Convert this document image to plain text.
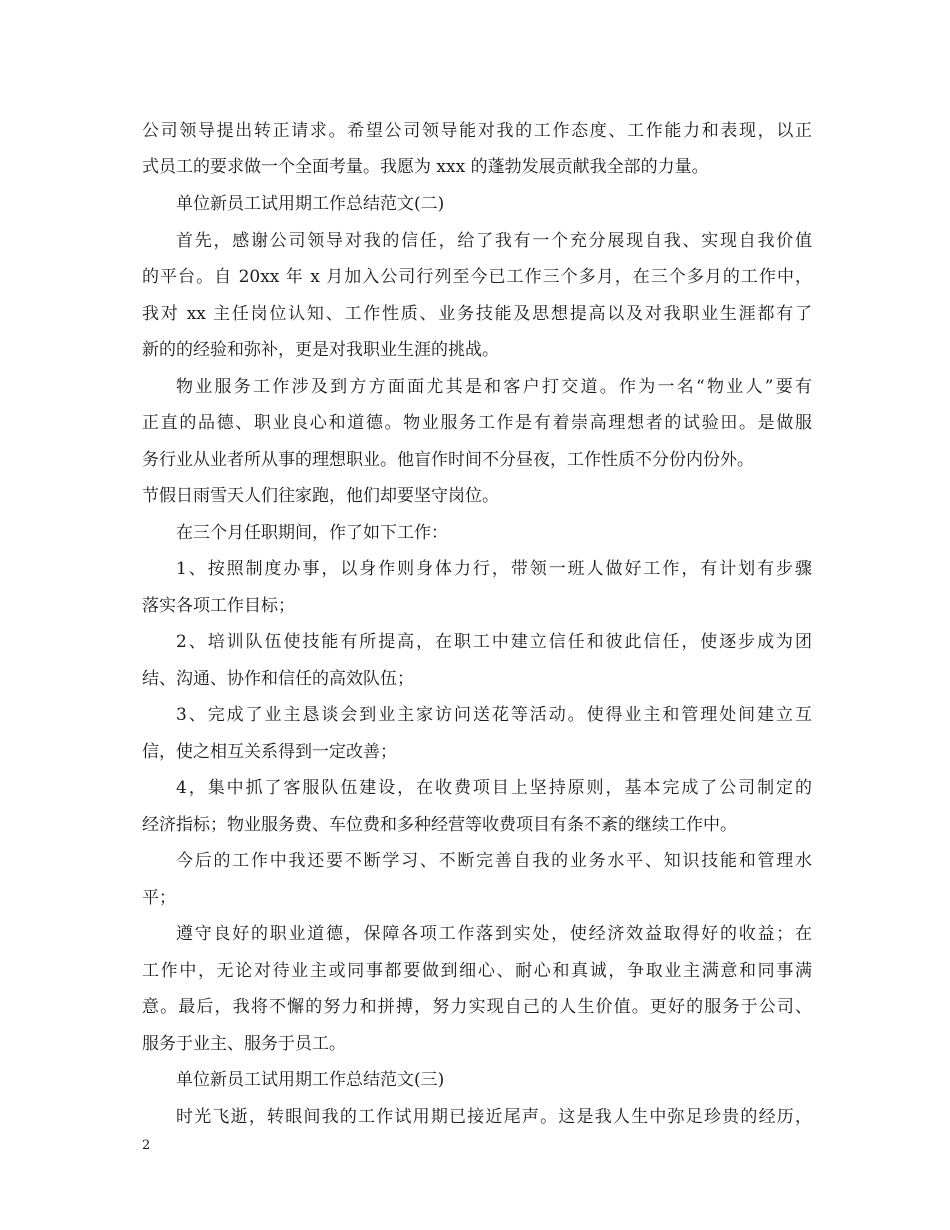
公司领导提出转正请求。希望公司领导能对我的工作态度、工作能力和表现，以正
式员工的要求做一个全面考量。我愿为 xxx 的蓬勃发展贡献我全部的力量。
单位新员工试用期工作总结范文(二)
首先，感谢公司领导对我的信任，给了我有一个充分展现自我、实现自我价值
的平台。自 20xx 年 x 月加入公司行列至今已工作三个多月，在三个多月的工作中，
我对 xx 主任岗位认知、工作性质、业务技能及思想提高以及对我职业生涯都有了
新的的经验和弥补，更是对我职业生涯的挑战。
物业服务工作涉及到方方面面尤其是和客户打交道。作为一名“物业人”要有
正直的品德、职业良心和道德。物业服务工作是有着崇高理想者的试验田。是做服
务行业从业者所从事的理想职业。他盲作时间不分昼夜，工作性质不分份内份外。
节假日雨雪天人们往家跑，他们却要坚守岗位。
在三个月任职期间，作了如下工作：
1、按照制度办事，以身作则身体力行，带领一班人做好工作，有计划有步骤
落实各项工作目标；
2、培训队伍使技能有所提高，在职工中建立信任和彼此信任，使逐步成为团
结、沟通、协作和信任的高效队伍；
3、完成了业主恳谈会到业主家访问送花等活动。使得业主和管理处间建立互
信，使之相互关系得到一定改善；
4，集中抓了客服队伍建设，在收费项目上坚持原则，基本完成了公司制定的
经济指标；物业服务费、车位费和多种经营等收费项目有条不紊的继续工作中。
今后的工作中我还要不断学习、不断完善自我的业务水平、知识技能和管理水
平；
遵守良好的职业道德，保障各项工作落到实处，使经济效益取得好的收益；在
工作中，无论对待业主或同事都要做到细心、耐心和真诚，争取业主满意和同事满
意。最后，我将不懈的努力和拼搏，努力实现自己的人生价值。更好的服务于公司、
服务于业主、服务于员工。
单位新员工试用期工作总结范文(三)
时光飞逝，转眼间我的工作试用期已接近尾声。这是我人生中弥足珍贵的经历，
2
